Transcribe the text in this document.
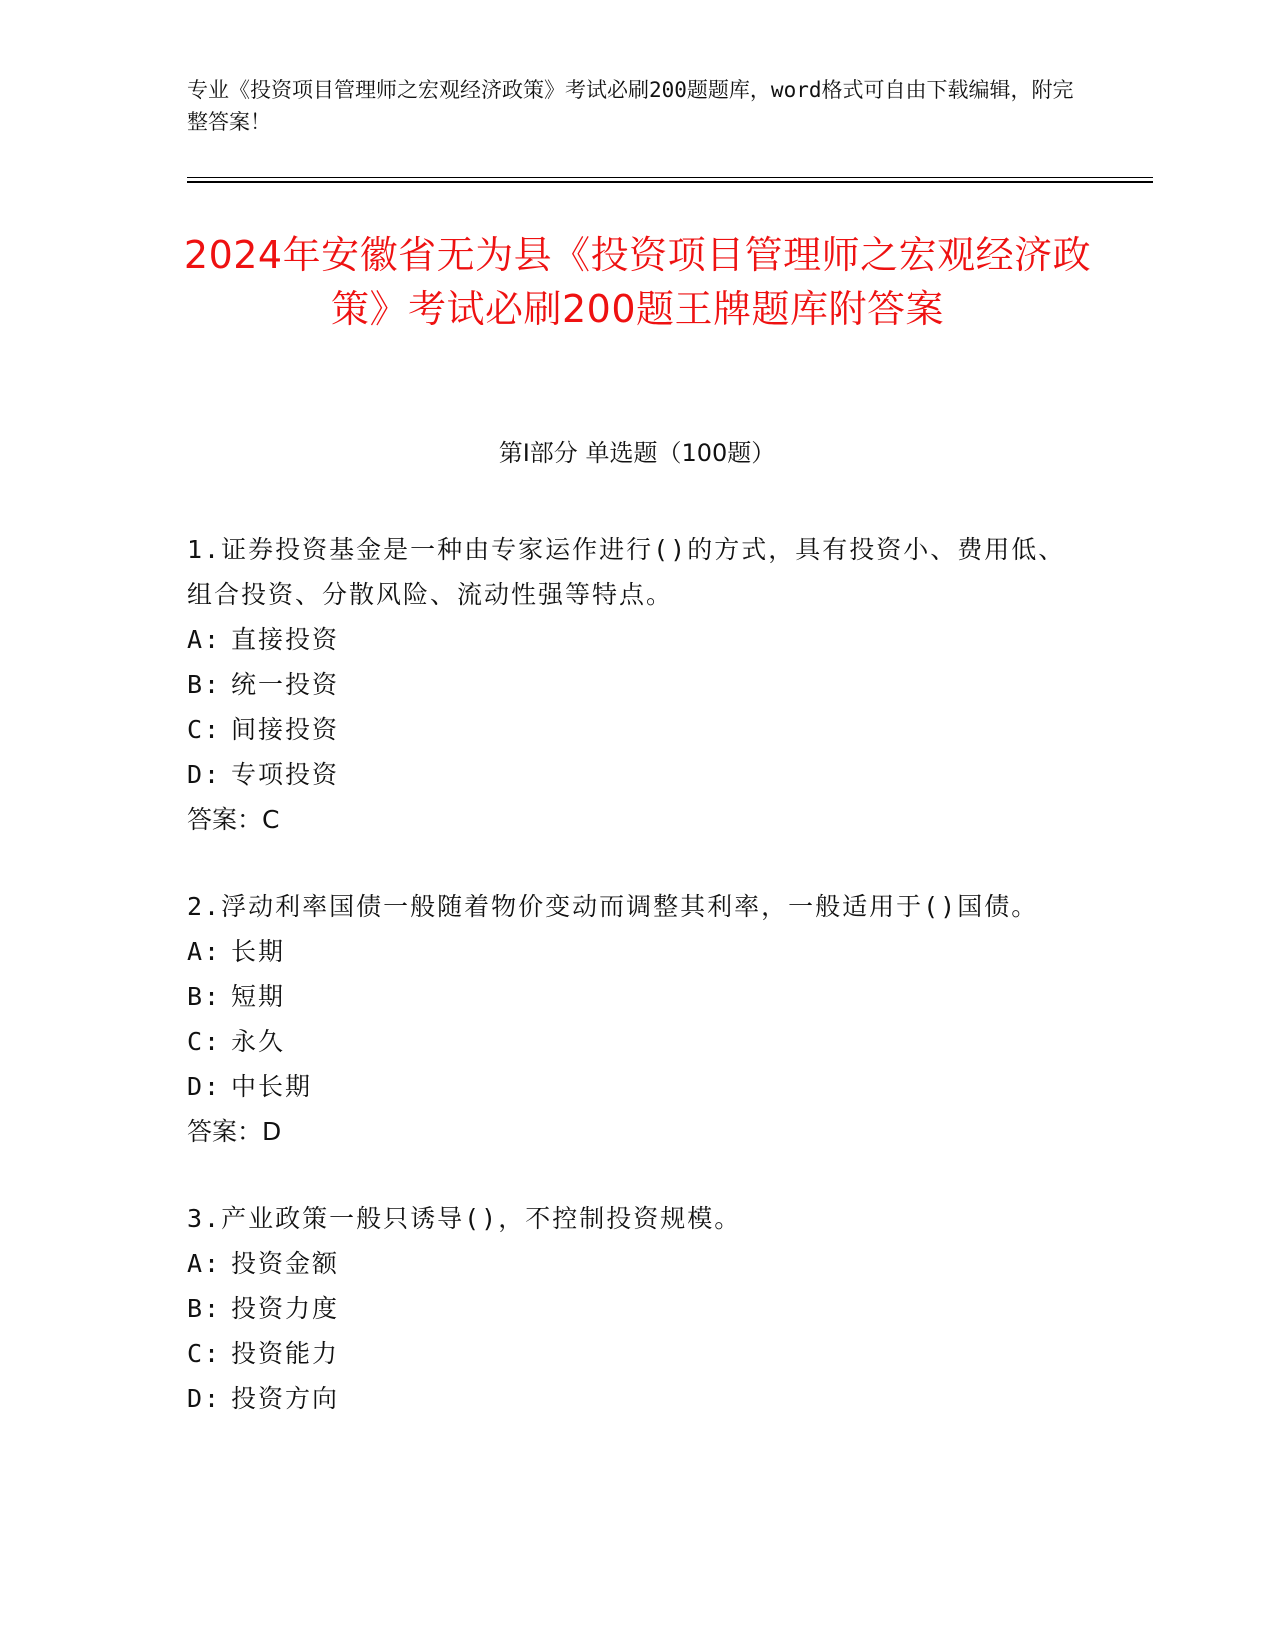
专业《投资项目管理师之宏观经济政策》考试必刷200题题库，word格式可自由下载编辑，附完整答案！
2024年安徽省无为县《投资项目管理师之宏观经济政策》考试必刷200题王牌题库附答案
第Ⅰ部分 单选题（100题）
1.证券投资基金是一种由专家运作进行()的方式，具有投资小、费用低、组合投资、分散风险、流动性强等特点。
A: 直接投资
B: 统一投资
C: 间接投资
D: 专项投资
答案：C
2.浮动利率国债一般随着物价变动而调整其利率，一般适用于()国债。
A: 长期
B: 短期
C: 永久
D: 中长期
答案：D
3.产业政策一般只诱导()，不控制投资规模。
A: 投资金额
B: 投资力度
C: 投资能力
D: 投资方向
